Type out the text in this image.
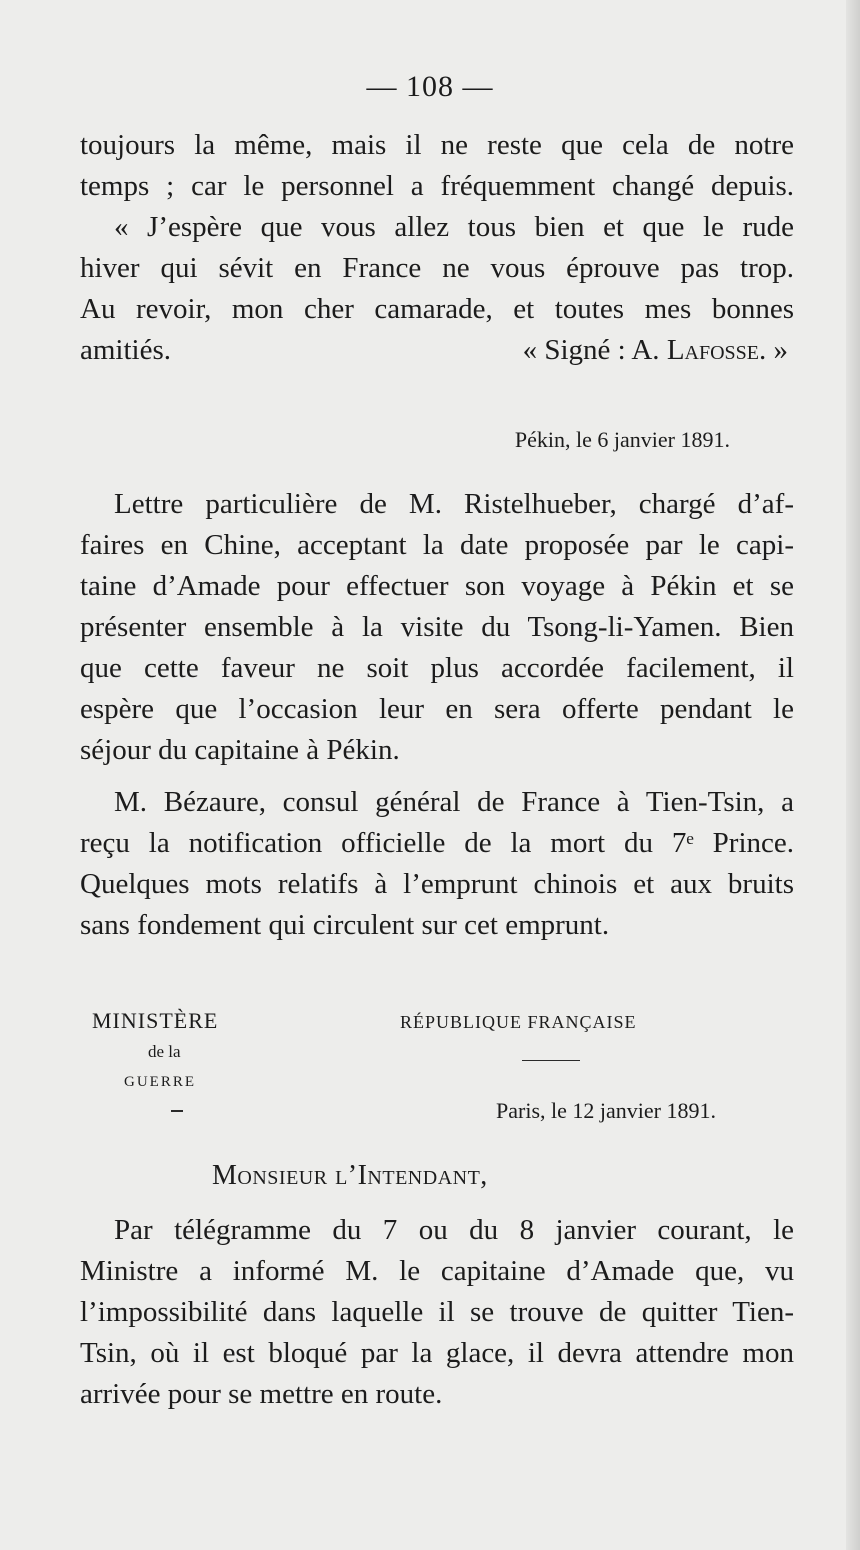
— 108 —
toujours la même, mais il ne reste que cela de notre
temps ; car le personnel a fréquemment changé depuis.
« J’espère que vous allez tous bien et que le rude
hiver qui sévit en France ne vous éprouve pas trop.
Au revoir, mon cher camarade, et toutes mes bonnes
amitiés.	« Signé : A. Lafosse. »
Pékin, le 6 janvier 1891.
Lettre particulière de M. Ristelhueber, chargé d’af-
faires en Chine, acceptant la date proposée par le capi-
taine d’Amade pour effectuer son voyage à Pékin et se
présenter ensemble à la visite du Tsong-li-Yamen. Bien
que cette faveur ne soit plus accordée facilement, il
espère que l’occasion leur en sera offerte pendant le
séjour du capitaine à Pékin.
M. Bézaure, consul général de France à Tien-Tsin, a
reçu la notification officielle de la mort du 7ᵉ Prince.
Quelques mots relatifs à l’emprunt chinois et aux bruits
sans fondement qui circulent sur cet emprunt.
MINISTÈRE
de la
GUERRE
RÉPUBLIQUE FRANÇAISE
Paris, le 12 janvier 1891.
Monsieur l’Intendant,
Par télégramme du 7 ou du 8 janvier courant, le
Ministre a informé M. le capitaine d’Amade que, vu
l’impossibilité dans laquelle il se trouve de quitter Tien-
Tsin, où il est bloqué par la glace, il devra attendre mon
arrivée pour se mettre en route.
